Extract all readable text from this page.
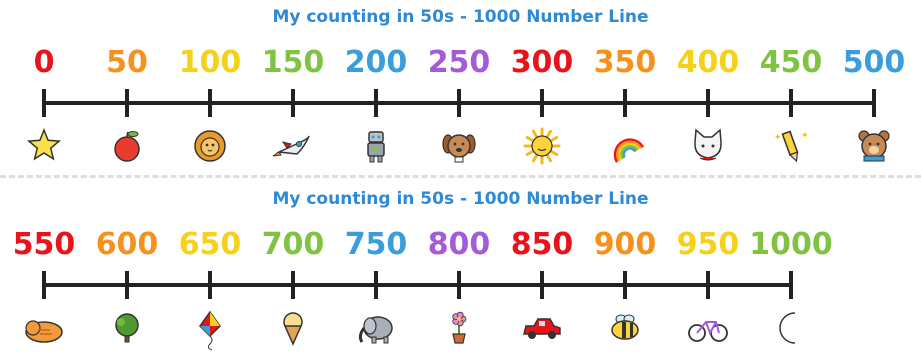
My counting in 50s - 1000 Number Line
0 50 100 150 200 250 300 350 400 450
✦ ✦
500
My counting in 50s - 1000 Number Line
550 600 650 700 750 800 850 900 950 1000
